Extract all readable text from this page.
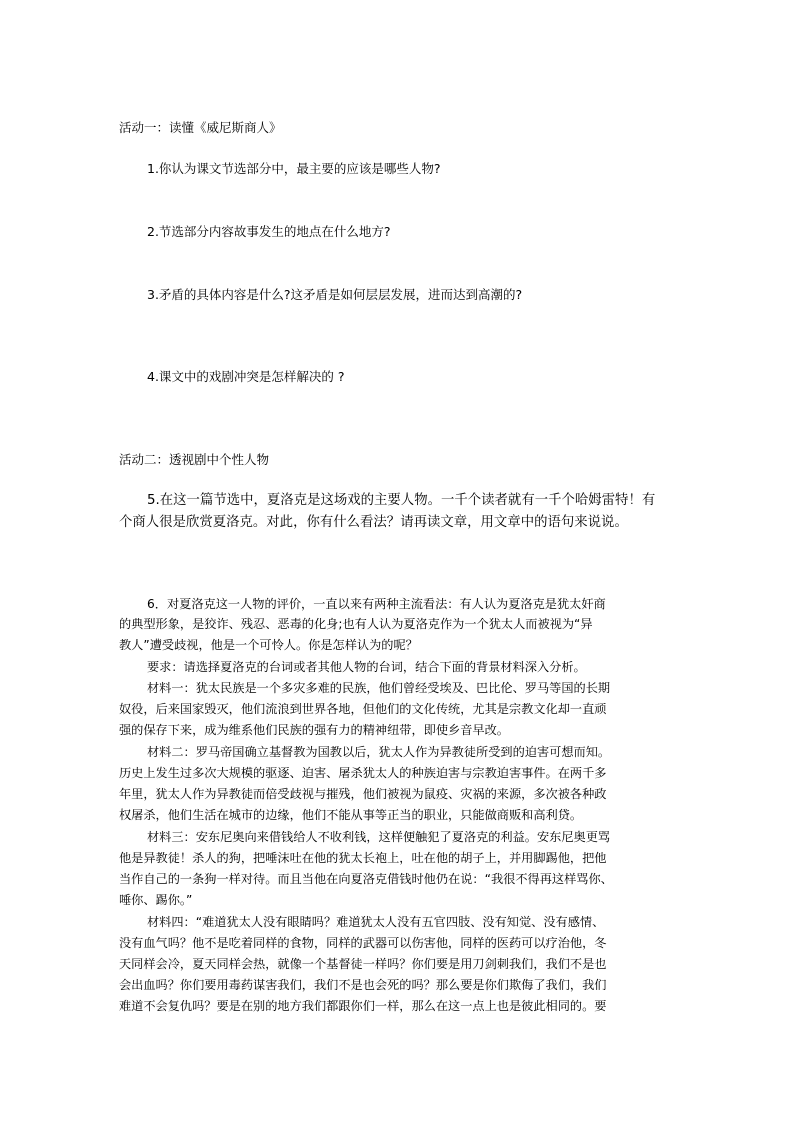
活动一：读懂《威尼斯商人》
1.你认为课文节选部分中，最主要的应该是哪些人物?
2.节选部分内容故事发生的地点在什么地方?
3.矛盾的具体内容是什么?这矛盾是如何层层发展，进而达到高潮的?
4.课文中的戏剧冲突是怎样解决的 ?
活动二：透视剧中个性人物
5.在这一篇节选中，夏洛克是这场戏的主要人物。一千个读者就有一千个哈姆雷特！有
个商人很是欣赏夏洛克。对此，你有什么看法？请再读文章，用文章中的语句来说说。
6．对夏洛克这一人物的评价，一直以来有两种主流看法：有人认为夏洛克是犹太奸商
的典型形象，是狡诈、残忍、恶毒的化身;也有人认为夏洛克作为一个犹太人而被视为“异
教人”遭受歧视，他是一个可怜人。你是怎样认为的呢？
要求：请选择夏洛克的台词或者其他人物的台词，结合下面的背景材料深入分析。
材料一：犹太民族是一个多灾多难的民族，他们曾经受埃及、巴比伦、罗马等国的长期
奴役，后来国家毁灭，他们流浪到世界各地，但他们的文化传统，尤其是宗教文化却一直顽
强的保存下来，成为维系他们民族的强有力的精神纽带，即使乡音早改。
材料二：罗马帝国确立基督教为国教以后，犹太人作为异教徒所受到的迫害可想而知。
历史上发生过多次大规模的驱逐、迫害、屠杀犹太人的种族迫害与宗教迫害事件。在两千多
年里，犹太人作为异教徒而倍受歧视与摧残，他们被视为鼠疫、灾祸的来源，多次被各种政
权屠杀，他们生活在城市的边缘，他们不能从事等正当的职业，只能做商贩和高利贷。
材料三：安东尼奥向来借钱给人不收利钱，这样便触犯了夏洛克的利益。安东尼奥更骂
他是异教徒！杀人的狗，把唾沫吐在他的犹太长袍上，吐在他的胡子上，并用脚踢他，把他
当作自己的一条狗一样对待。而且当他在向夏洛克借钱时他仍在说：“我很不得再这样骂你、
唾你、踢你。”
材料四：“难道犹太人没有眼睛吗？难道犹太人没有五官四肢、没有知觉、没有感情、
没有血气吗？他不是吃着同样的食物，同样的武器可以伤害他，同样的医药可以疗治他，冬
天同样会冷，夏天同样会热，就像一个基督徒一样吗？你们要是用刀剑刺我们，我们不是也
会出血吗？你们要用毒药谋害我们，我们不是也会死的吗？那么要是你们欺侮了我们，我们
难道不会复仇吗？要是在别的地方我们都跟你们一样，那么在这一点上也是彼此相同的。要
